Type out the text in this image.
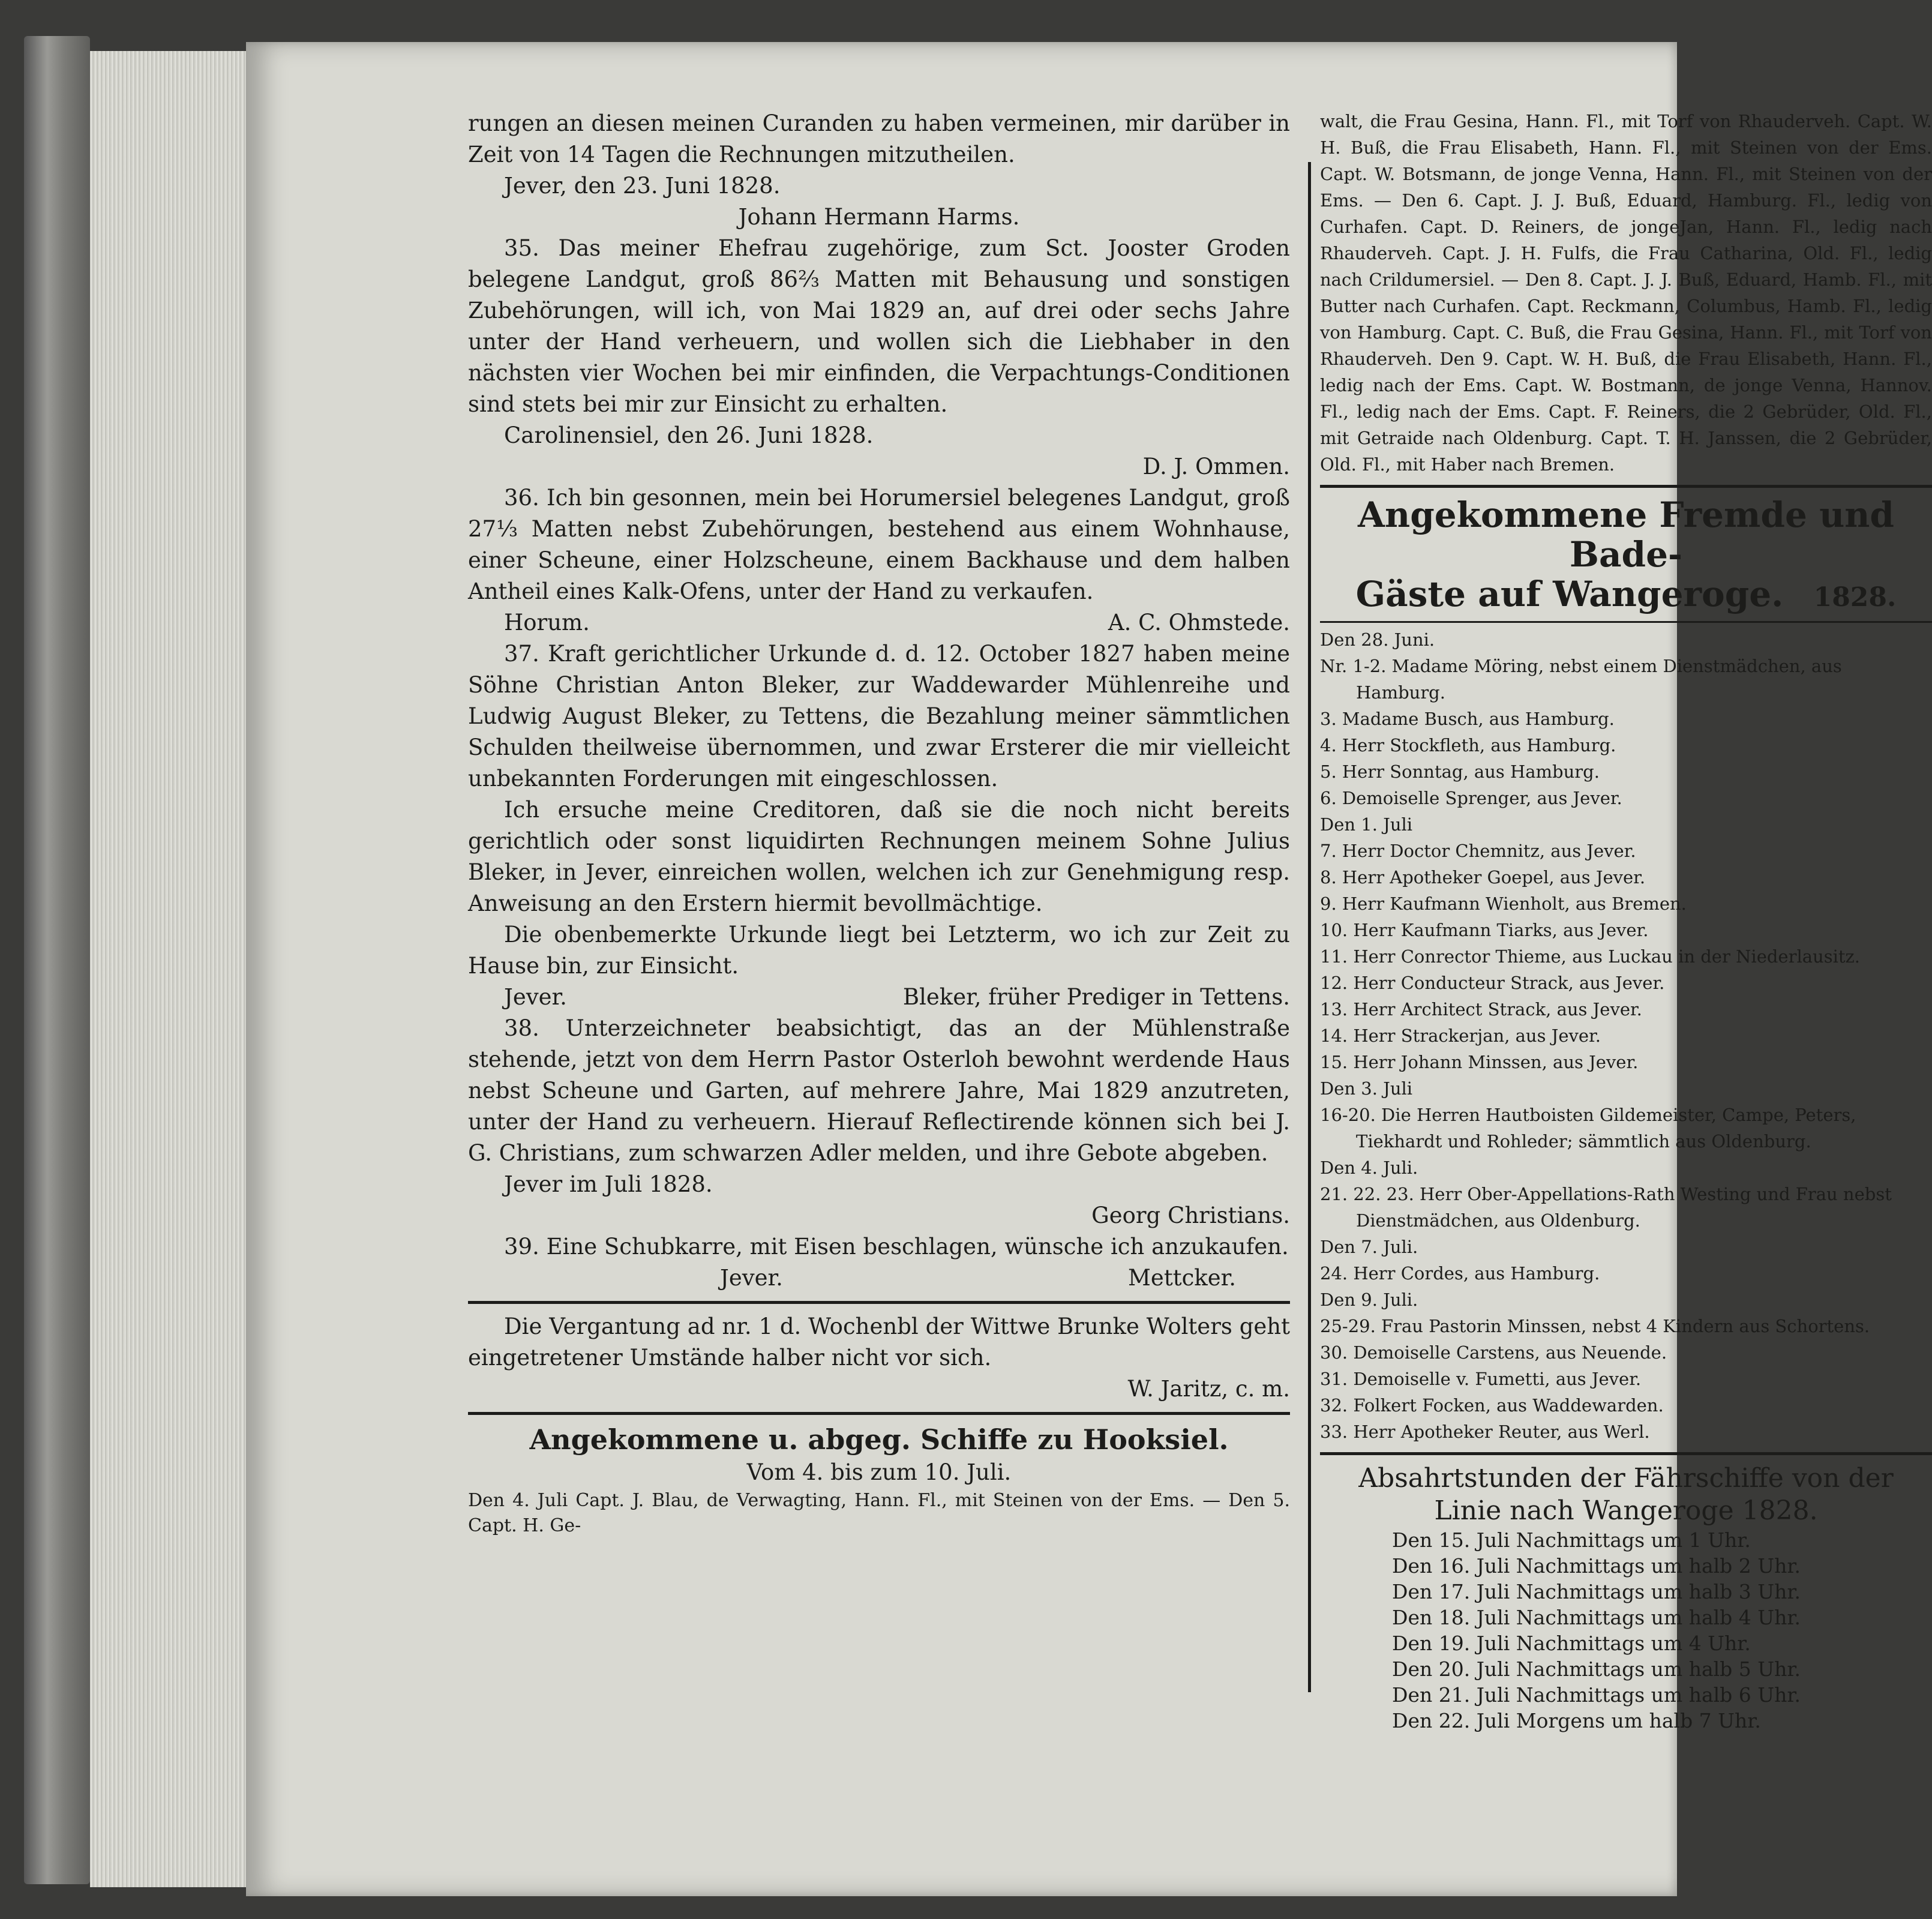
rungen an diesen meinen Curanden zu haben vermeinen, mir darüber in Zeit von 14 Tagen die Rechnungen mitzutheilen.

Jever, den 23. Juni 1828.

Johann Hermann Harms.

35. Das meiner Ehefrau zugehörige, zum Sct. Jooster Groden belegene Landgut, groß 86⅔ Matten mit Behausung und sonstigen Zubehörungen, will ich, von Mai 1829 an, auf drei oder sechs Jahre unter der Hand verheuern, und wollen sich die Liebhaber in den nächsten vier Wochen bei mir einfinden, die Verpachtungs-Conditionen sind stets bei mir zur Einsicht zu erhalten.

Carolinensiel, den 26. Juni 1828.

D. J. Ommen.

36. Ich bin gesonnen, mein bei Horumersiel belegenes Landgut, groß 27⅓ Matten nebst Zubehörungen, bestehend aus einem Wohnhause, einer Scheune, einer Holzscheune, einem Backhause und dem halben Antheil eines Kalk-Ofens, unter der Hand zu verkaufen.

Horum.	A. C. Ohmstede.

37. Kraft gerichtlicher Urkunde d. d. 12. October 1827 haben meine Söhne Christian Anton Bleker, zur Waddewarder Mühlenreihe und Ludwig August Bleker, zu Tettens, die Bezahlung meiner sämmtlichen Schulden theilweise übernommen, und zwar Ersterer die mir vielleicht unbekannten Forderungen mit eingeschlossen.

Ich ersuche meine Creditoren, daß sie die noch nicht bereits gerichtlich oder sonst liquidirten Rechnungen meinem Sohne Julius Bleker, in Jever, einreichen wollen, welchen ich zur Genehmigung resp. Anweisung an den Erstern hiermit bevollmächtige.

Die obenbemerkte Urkunde liegt bei Letzterm, wo ich zur Zeit zu Hause bin, zur Einsicht.

Jever.	Bleker, früher Prediger in Tettens.

38. Unterzeichneter beabsichtigt, das an der Mühlenstraße stehende, jetzt von dem Herrn Pastor Osterloh bewohnt werdende Haus nebst Scheune und Garten, auf mehrere Jahre, Mai 1829 anzutreten, unter der Hand zu verheuern. Hierauf Reflectirende können sich bei J. G. Christians, zum schwarzen Adler melden, und ihre Gebote abgeben.

Jever im Juli 1828.

Georg Christians.

39. Eine Schubkarre, mit Eisen beschlagen, wünsche ich anzukaufen.

Jever.	Mettcker.

Die Vergantung ad nr. 1 d. Wochenbl der Wittwe Brunke Wolters geht eingetretener Umstände halber nicht vor sich.

W. Jaritz, c. m.

Angekommene u. abgeg. Schiffe zu Hooksiel.

Vom 4. bis zum 10. Juli.

Den 4. Juli Capt. J. Blau, de Verwagting, Hann. Fl., mit Steinen von der Ems. — Den 5. Capt. H. Ge-

walt, die Frau Gesina, Hann. Fl., mit Torf von Rhauderveh. Capt. W. H. Buß, die Frau Elisabeth, Hann. Fl., mit Steinen von der Ems. Capt. W. Botsmann, de jonge Venna, Hann. Fl., mit Steinen von der Ems. — Den 6. Capt. J. J. Buß, Eduard, Hamburg. Fl., ledig von Curhafen. Capt. D. Reiners, de jongeJan, Hann. Fl., ledig nach Rhauderveh. Capt. J. H. Fulfs, die Frau Catharina, Old. Fl., ledig nach Crildumersiel. — Den 8. Capt. J. J. Buß, Eduard, Hamb. Fl., mit Butter nach Curhafen. Capt. Reckmann, Columbus, Hamb. Fl., ledig von Hamburg. Capt. C. Buß, die Frau Gesina, Hann. Fl., mit Torf von Rhauderveh. Den 9. Capt. W. H. Buß, die Frau Elisabeth, Hann. Fl., ledig nach der Ems. Capt. W. Bostmann, de jonge Venna, Hannov. Fl., ledig nach der Ems. Capt. F. Reiners, die 2 Gebrüder, Old. Fl., mit Getraide nach Oldenburg. Capt. T. H. Janssen, die 2 Gebrüder, Old. Fl., mit Haber nach Bremen.

Angekommene Fremde und Bade-

Gäste auf Wangeroge. 1828.

Den 28. Juni.

Nr. 1-2. Madame Möring, nebst einem Dienstmädchen, aus Hamburg.

3. Madame Busch, aus Hamburg.

4. Herr Stockfleth, aus Hamburg.

5. Herr Sonntag, aus Hamburg.

6. Demoiselle Sprenger, aus Jever.

Den 1. Juli

7. Herr Doctor Chemnitz, aus Jever.

8. Herr Apotheker Goepel, aus Jever.

9. Herr Kaufmann Wienholt, aus Bremen.

10. Herr Kaufmann Tiarks, aus Jever.

11. Herr Conrector Thieme, aus Luckau in der Niederlausitz.

12. Herr Conducteur Strack, aus Jever.

13. Herr Architect Strack, aus Jever.

14. Herr Strackerjan, aus Jever.

15. Herr Johann Minssen, aus Jever.

Den 3. Juli

16-20. Die Herren Hautboisten Gildemeister, Campe, Peters, Tiekhardt und Rohleder; sämmtlich aus Oldenburg.

Den 4. Juli.

21. 22. 23. Herr Ober-Appellations-Rath Westing und Frau nebst Dienstmädchen, aus Oldenburg.

Den 7. Juli.

24. Herr Cordes, aus Hamburg.

Den 9. Juli.

25-29. Frau Pastorin Minssen, nebst 4 Kindern aus Schortens.

30. Demoiselle Carstens, aus Neuende.

31. Demoiselle v. Fumetti, aus Jever.

32. Folkert Focken, aus Waddewarden.

33. Herr Apotheker Reuter, aus Werl.

Absahrtstunden der Fährschiffe von der

Linie nach Wangeroge 1828.

Den 15. Juli Nachmittags um 1 Uhr.

Den 16. Juli Nachmittags um halb 2 Uhr.

Den 17. Juli Nachmittags um halb 3 Uhr.

Den 18. Juli Nachmittags um halb 4 Uhr.

Den 19. Juli Nachmittags um 4 Uhr.

Den 20. Juli Nachmittags um halb 5 Uhr.

Den 21. Juli Nachmittags um halb 6 Uhr.

Den 22. Juli Morgens um halb 7 Uhr.
